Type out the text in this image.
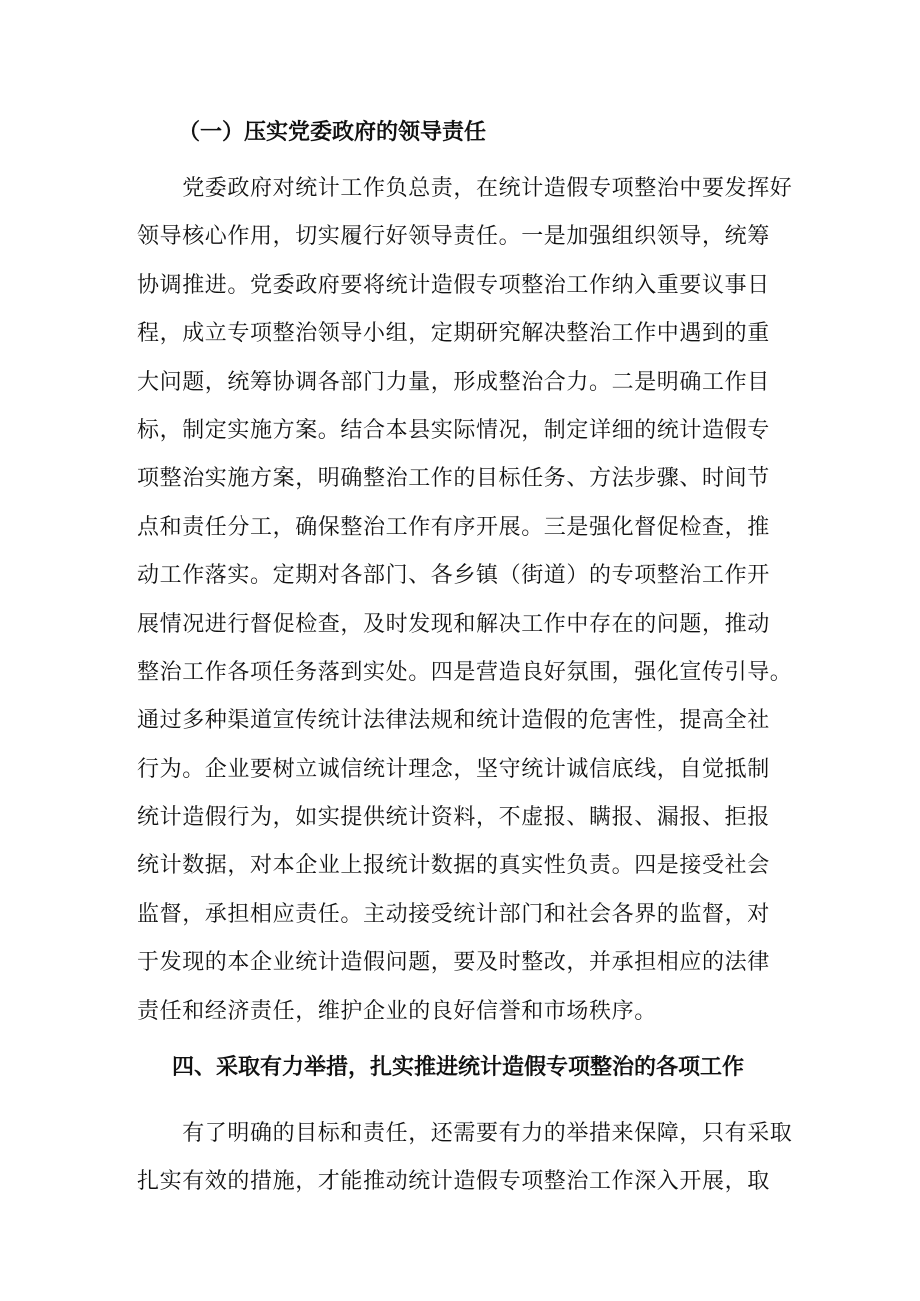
（一）压实党委政府的领导责任
　　党委政府对统计工作负总责，在统计造假专项整治中要发挥好
领导核心作用，切实履行好领导责任。一是加强组织领导，统筹
协调推进。党委政府要将统计造假专项整治工作纳入重要议事日
程，成立专项整治领导小组，定期研究解决整治工作中遇到的重
大问题，统筹协调各部门力量，形成整治合力。二是明确工作目
标，制定实施方案。结合本县实际情况，制定详细的统计造假专
项整治实施方案，明确整治工作的目标任务、方法步骤、时间节
点和责任分工，确保整治工作有序开展。三是强化督促检查，推
动工作落实。定期对各部门、各乡镇（街道）的专项整治工作开
展情况进行督促检查，及时发现和解决工作中存在的问题，推动
整治工作各项任务落到实处。四是营造良好氛围，强化宣传引导。
通过多种渠道宣传统计法律法规和统计造假的危害性，提高全社
行为。企业要树立诚信统计理念，坚守统计诚信底线，自觉抵制
统计造假行为，如实提供统计资料，不虚报、瞒报、漏报、拒报
统计数据，对本企业上报统计数据的真实性负责。四是接受社会
监督，承担相应责任。主动接受统计部门和社会各界的监督，对
于发现的本企业统计造假问题，要及时整改，并承担相应的法律
责任和经济责任，维护企业的良好信誉和市场秩序。
四、采取有力举措，扎实推进统计造假专项整治的各项工作
　　有了明确的目标和责任，还需要有力的举措来保障，只有采取
扎实有效的措施，才能推动统计造假专项整治工作深入开展，取
